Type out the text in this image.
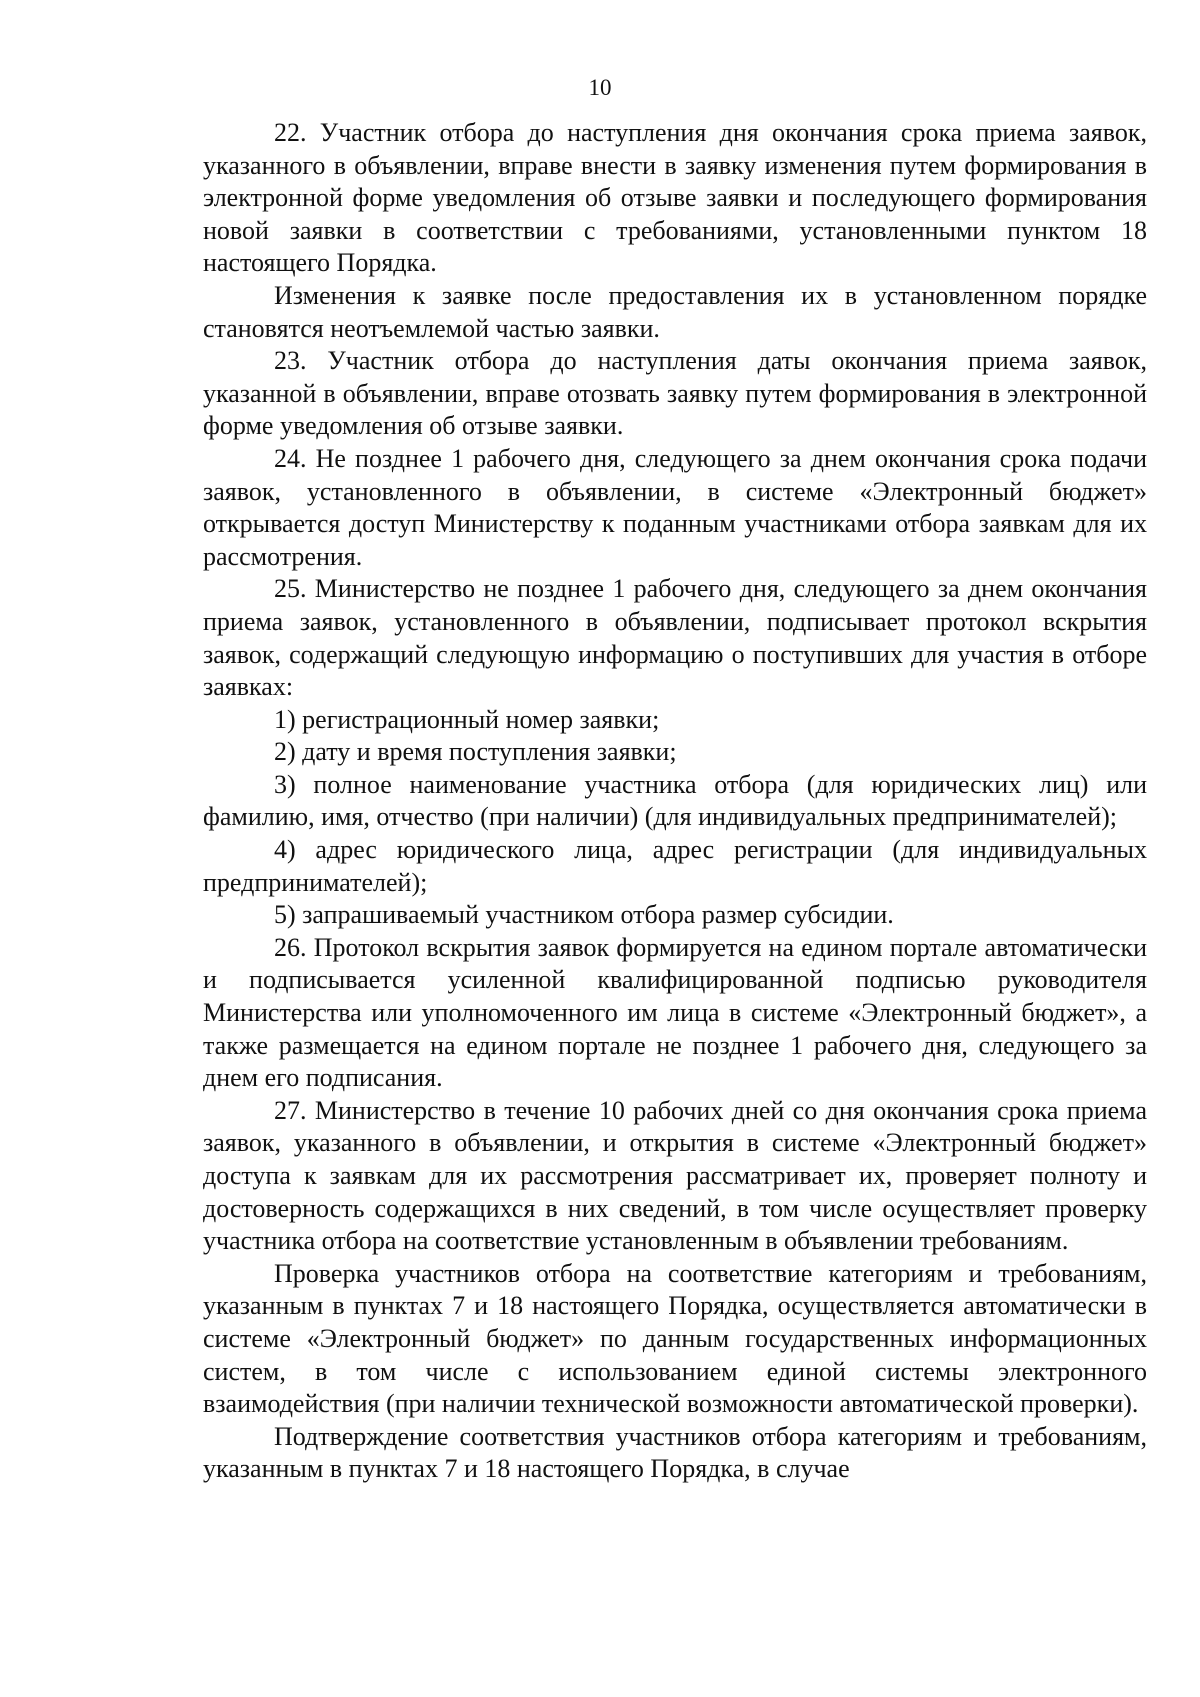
10

22. Участник отбора до наступления дня окончания срока приема заявок, указанного в объявлении, вправе внести в заявку изменения путем формирования в электронной форме уведомления об отзыве заявки и последующего формирования новой заявки в соответствии с требованиями, установленными пунктом 18 настоящего Порядка.

Изменения к заявке после предоставления их в установленном порядке становятся неотъемлемой частью заявки.

23. Участник отбора до наступления даты окончания приема заявок, указанной в объявлении, вправе отозвать заявку путем формирования в электронной форме уведомления об отзыве заявки.

24. Не позднее 1 рабочего дня, следующего за днем окончания срока подачи заявок, установленного в объявлении, в системе «Электронный бюджет» открывается доступ Министерству к поданным участниками отбора заявкам для их рассмотрения.

25. Министерство не позднее 1 рабочего дня, следующего за днем окончания приема заявок, установленного в объявлении, подписывает протокол вскрытия заявок, содержащий следующую информацию о поступивших для участия в отборе заявках:

1) регистрационный номер заявки;

2) дату и время поступления заявки;

3) полное наименование участника отбора (для юридических лиц) или фамилию, имя, отчество (при наличии) (для индивидуальных предпринимателей);

4) адрес юридического лица, адрес регистрации (для индивидуальных предпринимателей);

5) запрашиваемый участником отбора размер субсидии.

26. Протокол вскрытия заявок формируется на едином портале автоматически и подписывается усиленной квалифицированной подписью руководителя Министерства или уполномоченного им лица в системе «Электронный бюджет», а также размещается на едином портале не позднее 1 рабочего дня, следующего за днем его подписания.

27. Министерство в течение 10 рабочих дней со дня окончания срока приема заявок, указанного в объявлении, и открытия в системе «Электронный бюджет» доступа к заявкам для их рассмотрения рассматривает их, проверяет полноту и достоверность содержащихся в них сведений, в том числе осуществляет проверку участника отбора на соответствие установленным в объявлении требованиям.

Проверка участников отбора на соответствие категориям и требованиям, указанным в пунктах 7 и 18 настоящего Порядка, осуществляется автоматически в системе «Электронный бюджет» по данным государственных информационных систем, в том числе с использованием единой системы электронного взаимодействия (при наличии технической возможности автоматической проверки).

Подтверждение соответствия участников отбора категориям и требованиям, указанным в пунктах 7 и 18 настоящего Порядка, в случае
